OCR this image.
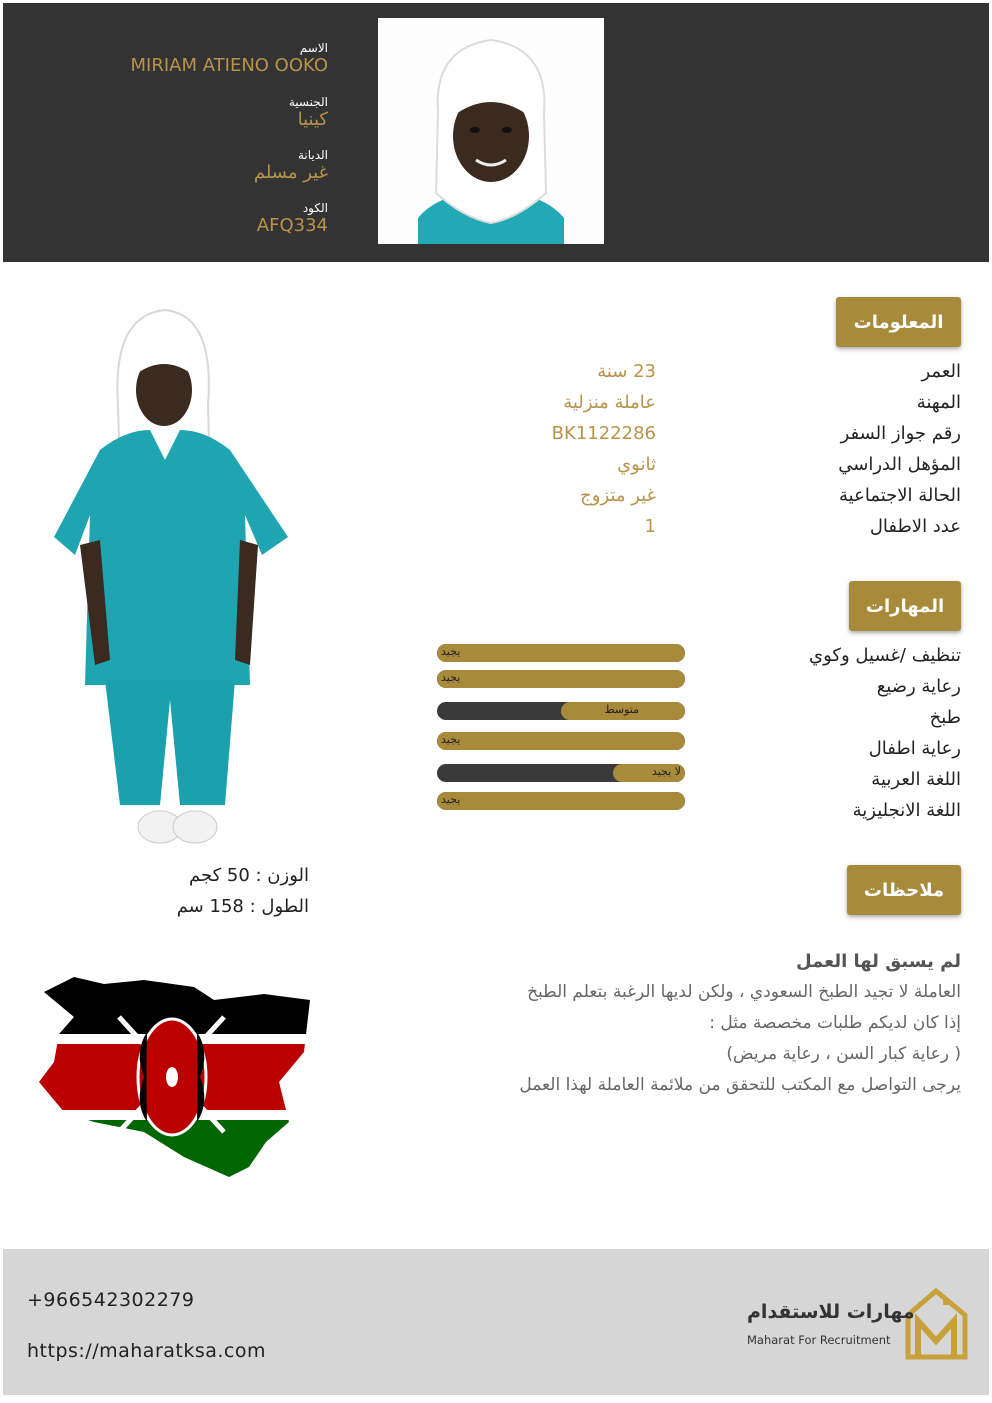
الاسم
MIRIAM ATIENO OOKO
الجنسية
كينيا
الديانة
غير مسلم
الكود
AFQ334
المعلومات
العمر
23 سنة
المهنة
عاملة منزلية
رقم جواز السفر
BK1122286
المؤهل الدراسي
ثانوي
الحالة الاجتماعية
غير متزوج
عدد الاطفال
1
المهارات
تنظيف /غسيل وكوي
يجيد
رعاية رضيع
يجيد
طبخ
متوسط
رعاية اطفال
يجيد
اللغة العربية
لا يجيد
اللغة الانجليزية
يجيد
ملاحظات
لم يسبق لها العمل
العاملة لا تجيد الطبخ السعودي ، ولكن لديها الرغبة بتعلم الطبخ
إذا كان لديكم طلبات مخصصة مثل :
( رعاية كبار السن ، رعاية مريض)
يرجى التواصل مع المكتب للتحقق من ملائمة العاملة لهذا العمل
الوزن : 50 كجم
الطول : 158 سم
+966542302279
https://maharatksa.com
مهارات للاستقدام
Maharat For Recruitment
